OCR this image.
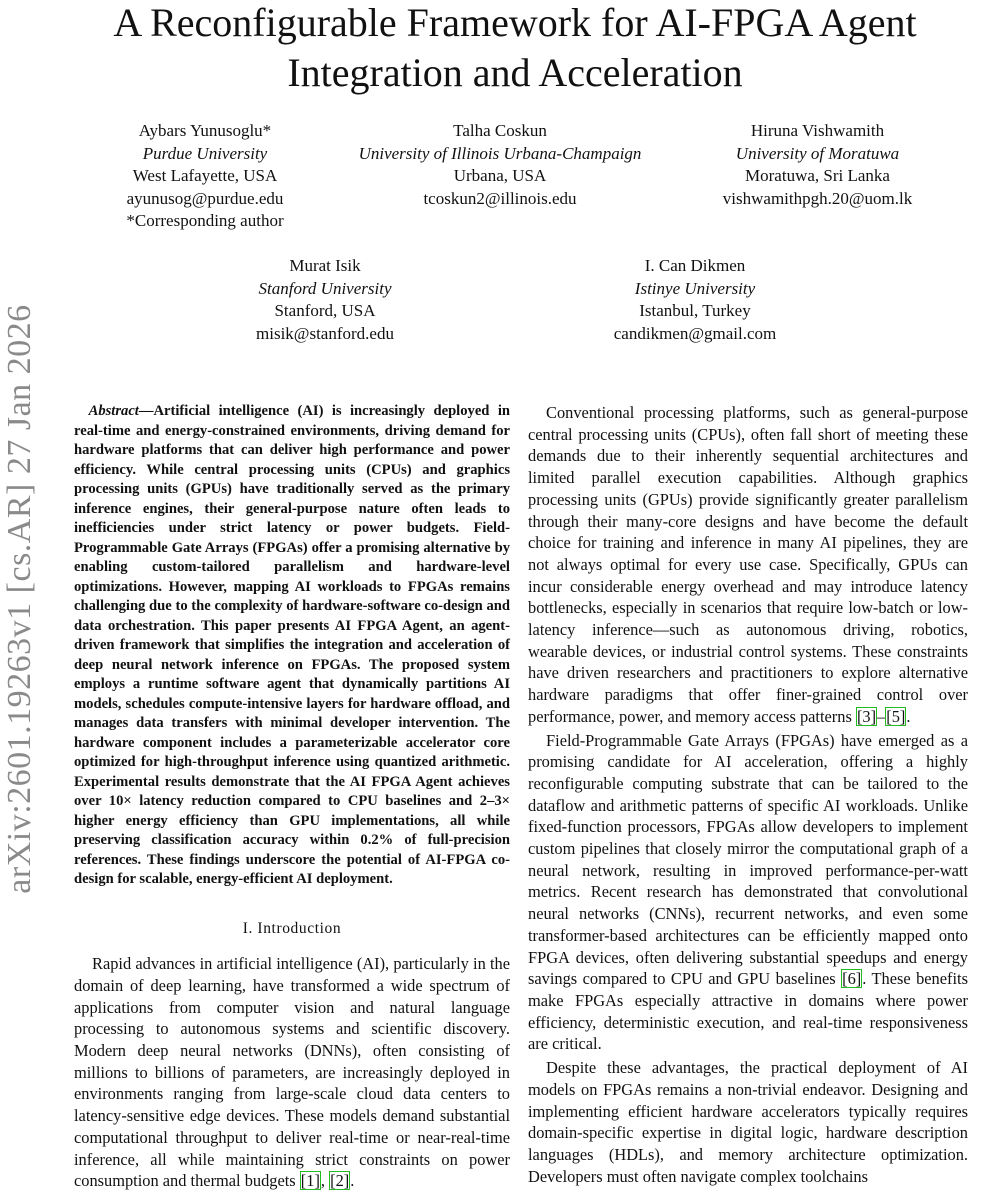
arXiv:2601.19263v1 [cs.AR] 27 Jan 2026
A Reconfigurable Framework for AI-FPGA Agent Integration and Acceleration
Aybars Yunusoglu*
Purdue University
West Lafayette, USA
ayunusog@purdue.edu
*Corresponding author
Talha Coskun
University of Illinois Urbana-Champaign
Urbana, USA
tcoskun2@illinois.edu
Hiruna Vishwamith
University of Moratuwa
Moratuwa, Sri Lanka
vishwamithpgh.20@uom.lk
Murat Isik
Stanford University
Stanford, USA
misik@stanford.edu
I. Can Dikmen
Istinye University
Istanbul, Turkey
candikmen@gmail.com

Abstract—Artificial intelligence (AI) is increasingly deployed in real-time and energy-constrained environments, driving demand for hardware platforms that can deliver high performance and power efficiency. While central processing units (CPUs) and graphics processing units (GPUs) have traditionally served as the primary inference engines, their general-purpose nature often leads to inefficiencies under strict latency or power budgets. Field-Programmable Gate Arrays (FPGAs) offer a promising alternative by enabling custom-tailored parallelism and hardware-level optimizations. However, mapping AI workloads to FPGAs remains challenging due to the complexity of hardware-software co-design and data orchestration. This paper presents AI FPGA Agent, an agent-driven framework that simplifies the integration and acceleration of deep neural network inference on FPGAs. The proposed system employs a runtime software agent that dynamically partitions AI models, schedules compute-intensive layers for hardware offload, and manages data transfers with minimal developer intervention. The hardware component includes a parameterizable accelerator core optimized for high-throughput inference using quantized arithmetic. Experimental results demonstrate that the AI FPGA Agent achieves over 10× latency reduction compared to CPU baselines and 2–3× higher energy efficiency than GPU implementations, all while preserving classification accuracy within 0.2% of full-precision references. These findings underscore the potential of AI-FPGA co-design for scalable, energy-efficient AI deployment.

I. Introduction

Rapid advances in artificial intelligence (AI), particularly in the domain of deep learning, have transformed a wide spectrum of applications from computer vision and natural language processing to autonomous systems and scientific discovery. Modern deep neural networks (DNNs), often consisting of millions to billions of parameters, are increasingly deployed in environments ranging from large-scale cloud data centers to latency-sensitive edge devices. These models demand substantial computational throughput to deliver real-time or near-real-time inference, all while maintaining strict constraints on power consumption and thermal budgets [1], [2].

Conventional processing platforms, such as general-purpose central processing units (CPUs), often fall short of meeting these demands due to their inherently sequential architectures and limited parallel execution capabilities. Although graphics processing units (GPUs) provide significantly greater parallelism through their many-core designs and have become the default choice for training and inference in many AI pipelines, they are not always optimal for every use case. Specifically, GPUs can incur considerable energy overhead and may introduce latency bottlenecks, especially in scenarios that require low-batch or low-latency inference—such as autonomous driving, robotics, wearable devices, or industrial control systems. These constraints have driven researchers and practitioners to explore alternative hardware paradigms that offer finer-grained control over performance, power, and memory access patterns [3]–[5].

Field-Programmable Gate Arrays (FPGAs) have emerged as a promising candidate for AI acceleration, offering a highly reconfigurable computing substrate that can be tailored to the dataflow and arithmetic patterns of specific AI workloads. Unlike fixed-function processors, FPGAs allow developers to implement custom pipelines that closely mirror the computational graph of a neural network, resulting in improved performance-per-watt metrics. Recent research has demonstrated that convolutional neural networks (CNNs), recurrent networks, and even some transformer-based architectures can be efficiently mapped onto FPGA devices, often delivering substantial speedups and energy savings compared to CPU and GPU baselines [6]. These benefits make FPGAs especially attractive in domains where power efficiency, deterministic execution, and real-time responsiveness are critical.

Despite these advantages, the practical deployment of AI models on FPGAs remains a non-trivial endeavor. Designing and implementing efficient hardware accelerators typically requires domain-specific expertise in digital logic, hardware description languages (HDLs), and memory architecture optimization. Developers must often navigate complex toolchains
